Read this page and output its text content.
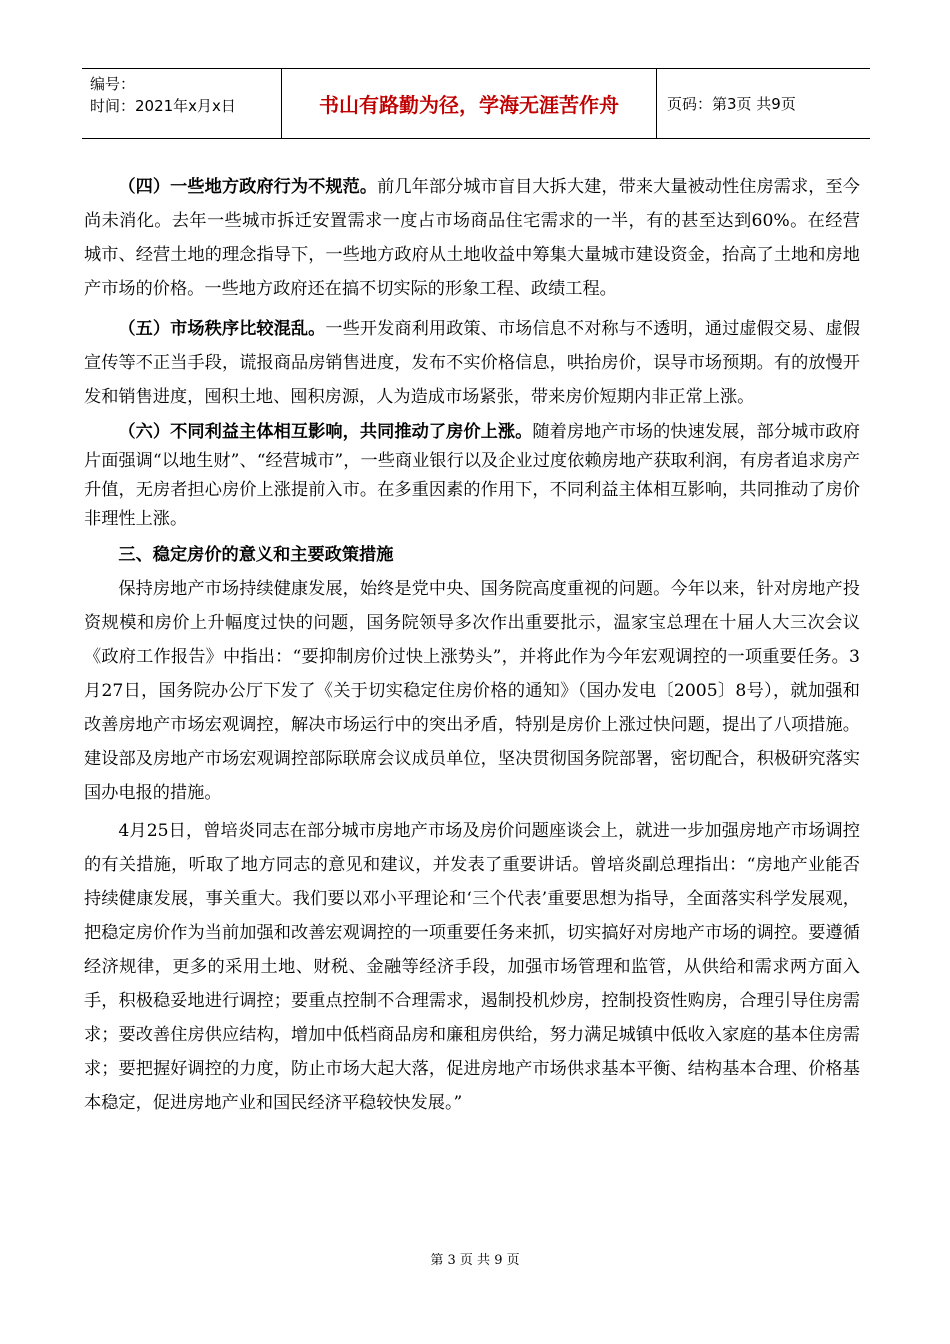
编号：
时间：2021年x月x日	书山有路勤为径，学海无涯苦作舟	页码：第3页 共9页

（四）一些地方政府行为不规范。前几年部分城市盲目大拆大建，带来大量被动性住房需求，至今尚未消化。去年一些城市拆迁安置需求一度占市场商品住宅需求的一半，有的甚至达到60%。在经营城市、经营土地的理念指导下，一些地方政府从土地收益中筹集大量城市建设资金，抬高了土地和房地产市场的价格。一些地方政府还在搞不切实际的形象工程、政绩工程。

（五）市场秩序比较混乱。一些开发商利用政策、市场信息不对称与不透明，通过虚假交易、虚假宣传等不正当手段，谎报商品房销售进度，发布不实价格信息，哄抬房价，误导市场预期。有的放慢开发和销售进度，囤积土地、囤积房源，人为造成市场紧张，带来房价短期内非正常上涨。

（六）不同利益主体相互影响，共同推动了房价上涨。随着房地产市场的快速发展，部分城市政府片面强调“以地生财”、“经营城市”，一些商业银行以及企业过度依赖房地产获取利润，有房者追求房产升值，无房者担心房价上涨提前入市。在多重因素的作用下，不同利益主体相互影响，共同推动了房价非理性上涨。

三、稳定房价的意义和主要政策措施

保持房地产市场持续健康发展，始终是党中央、国务院高度重视的问题。今年以来，针对房地产投资规模和房价上升幅度过快的问题，国务院领导多次作出重要批示，温家宝总理在十届人大三次会议《政府工作报告》中指出：“要抑制房价过快上涨势头”，并将此作为今年宏观调控的一项重要任务。3月27日，国务院办公厅下发了《关于切实稳定住房价格的通知》（国办发电〔2005〕8号），就加强和改善房地产市场宏观调控，解决市场运行中的突出矛盾，特别是房价上涨过快问题，提出了八项措施。建设部及房地产市场宏观调控部际联席会议成员单位，坚决贯彻国务院部署，密切配合，积极研究落实国办电报的措施。

4月25日，曾培炎同志在部分城市房地产市场及房价问题座谈会上，就进一步加强房地产市场调控的有关措施，听取了地方同志的意见和建议，并发表了重要讲话。曾培炎副总理指出：“房地产业能否持续健康发展，事关重大。我们要以邓小平理论和‘三个代表’重要思想为指导，全面落实科学发展观，把稳定房价作为当前加强和改善宏观调控的一项重要任务来抓，切实搞好对房地产市场的调控。要遵循经济规律，更多的采用土地、财税、金融等经济手段，加强市场管理和监管，从供给和需求两方面入手，积极稳妥地进行调控；要重点控制不合理需求，遏制投机炒房，控制投资性购房，合理引导住房需求；要改善住房供应结构，增加中低档商品房和廉租房供给，努力满足城镇中低收入家庭的基本住房需求；要把握好调控的力度，防止市场大起大落，促进房地产市场供求基本平衡、结构基本合理、价格基本稳定，促进房地产业和国民经济平稳较快发展。”

第 3 页 共 9 页
